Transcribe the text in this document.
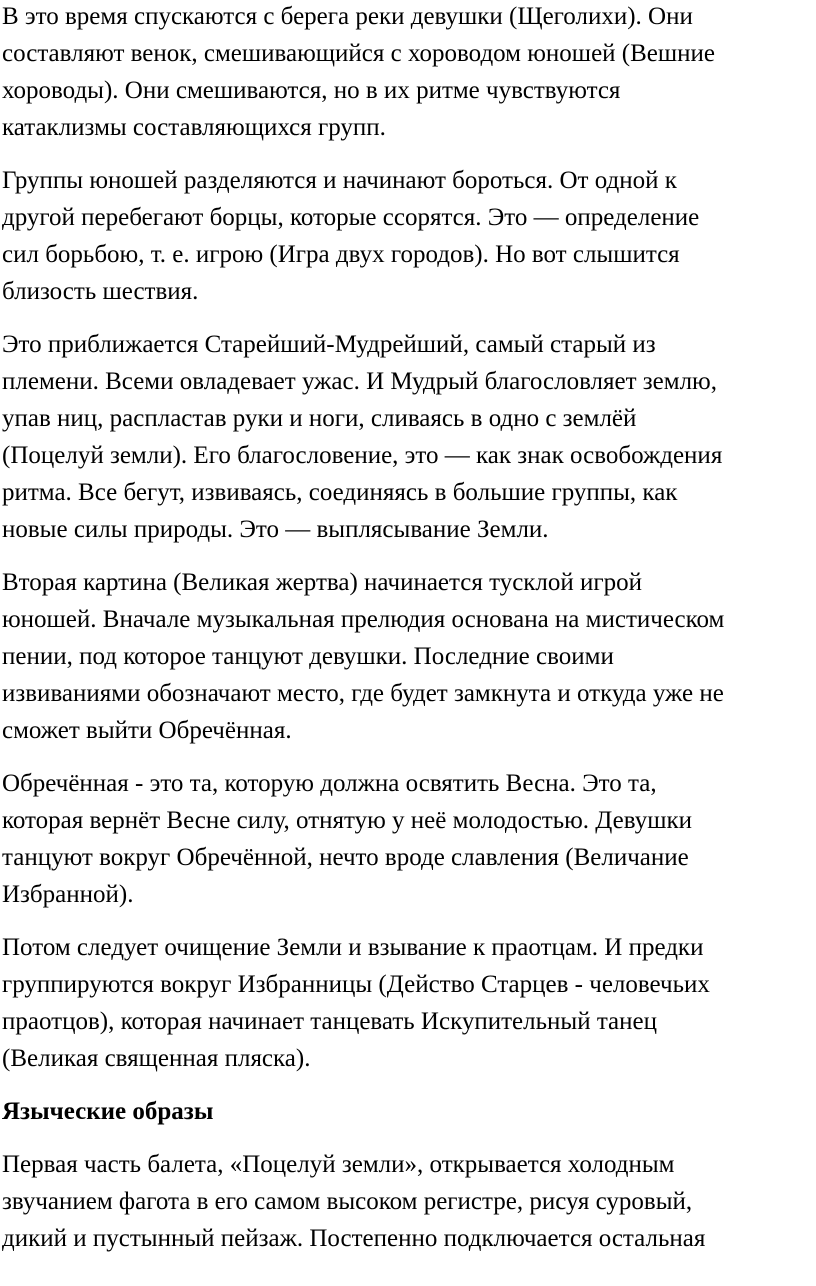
В это время спускаются с берега реки девушки (Щеголихи). Они
составляют венок, смешивающийся с хороводом юношей (Вешние
хороводы). Они смешиваются, но в их ритме чувствуются
катаклизмы составляющихся групп.
Группы юношей разделяются и начинают бороться. От одной к
другой перебегают борцы, которые ссорятся. Это — определение
сил борьбою, т. е. игрою (Игра двух городов). Но вот слышится
близость шествия.
Это приближается Старейший-Мудрейший, самый старый из
племени. Всеми овладевает ужас. И Мудрый благословляет землю,
упав ниц, распластав руки и ноги, сливаясь в одно с землёй
(Поцелуй земли). Его благословение, это — как знак освобождения
ритма. Все бегут, извиваясь, соединяясь в большие группы, как
новые силы природы. Это — выплясывание Земли.
Вторая картина (Великая жертва) начинается тусклой игрой
юношей. Вначале музыкальная прелюдия основана на мистическом
пении, под которое танцуют девушки. Последние своими
извиваниями обозначают место, где будет замкнута и откуда уже не
сможет выйти Обречённая.
Обречённая - это та, которую должна освятить Весна. Это та,
которая вернёт Весне силу, отнятую у неё молодостью. Девушки
танцуют вокруг Обречённой, нечто вроде славления (Величание
Избранной).
Потом следует очищение Земли и взывание к праотцам. И предки
группируются вокруг Избранницы (Действо Старцев - человечьих
праотцов), которая начинает танцевать Искупительный танец
(Великая священная пляска).
Языческие образы
Первая часть балета, «Поцелуй земли», открывается холодным
звучанием фагота в его самом высоком регистре, рисуя суровый,
дикий и пустынный пейзаж. Постепенно подключается остальная
